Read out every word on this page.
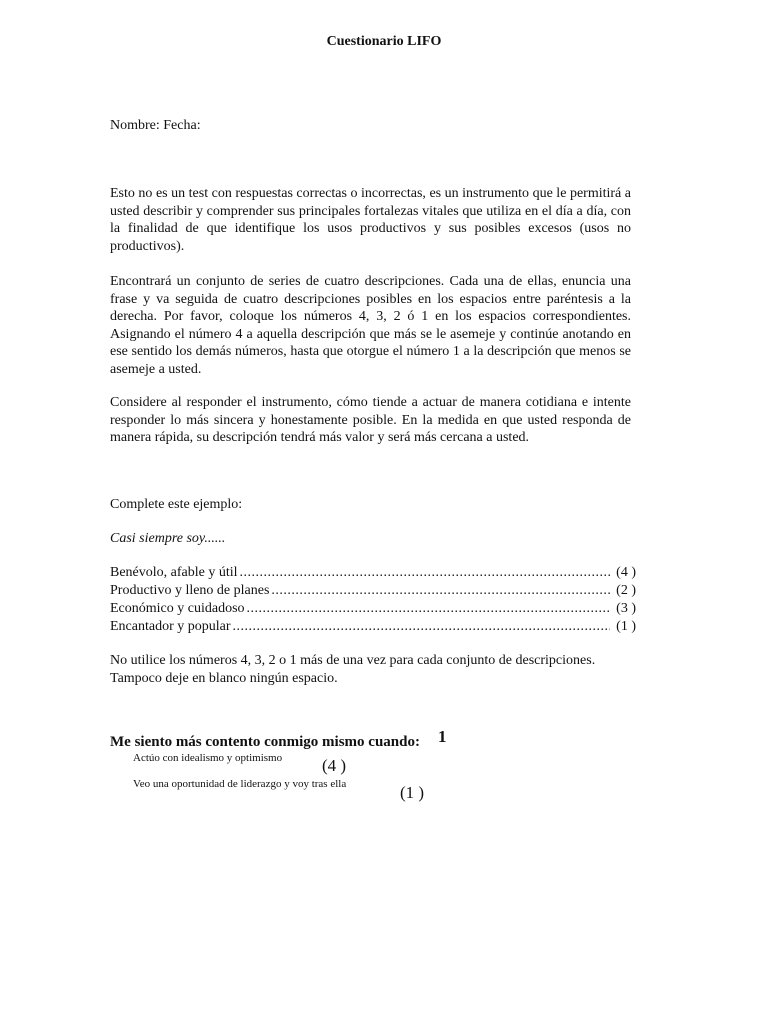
Cuestionario LIFO
Nombre: Fecha:

Esto no es un test con respuestas correctas o incorrectas, es un instrumento que le permitirá a usted describir y comprender sus principales fortalezas vitales que utiliza en el día a día, con la finalidad de que identifique los usos productivos y sus posibles excesos (usos no productivos).

Encontrará un conjunto de series de cuatro descripciones. Cada una de ellas, enuncia una frase y va seguida de cuatro descripciones posibles en los espacios entre paréntesis a la derecha. Por favor, coloque los números 4, 3, 2 ó 1 en los espacios correspondientes. Asignando el número 4 a aquella descripción que más se le asemeje y continúe anotando en ese sentido los demás números, hasta que otorgue el número 1 a la descripción que menos se asemeje a usted.

Considere al responder el instrumento, cómo tiende a actuar de manera cotidiana e intente responder lo más sincera y honestamente posible. En la medida en que usted responda de manera rápida, su descripción tendrá más valor y será más cercana a usted.

Complete este ejemplo:
Casi siempre soy......
Benévolo, afable y útil .....	(4 )
Productivo y lleno de planes .....	(2 )
Económico y cuidadoso .....	(3 )
Encantador y popular .....	(1 )

No utilice los números 4, 3, 2 o 1 más de una vez para cada conjunto de descripciones. Tampoco deje en blanco ningún espacio.

Me siento más contento conmigo mismo cuando: 1
Actúo con idealismo y optimismo (4 )
Veo una oportunidad de liderazgo y voy tras ella	(1 )
